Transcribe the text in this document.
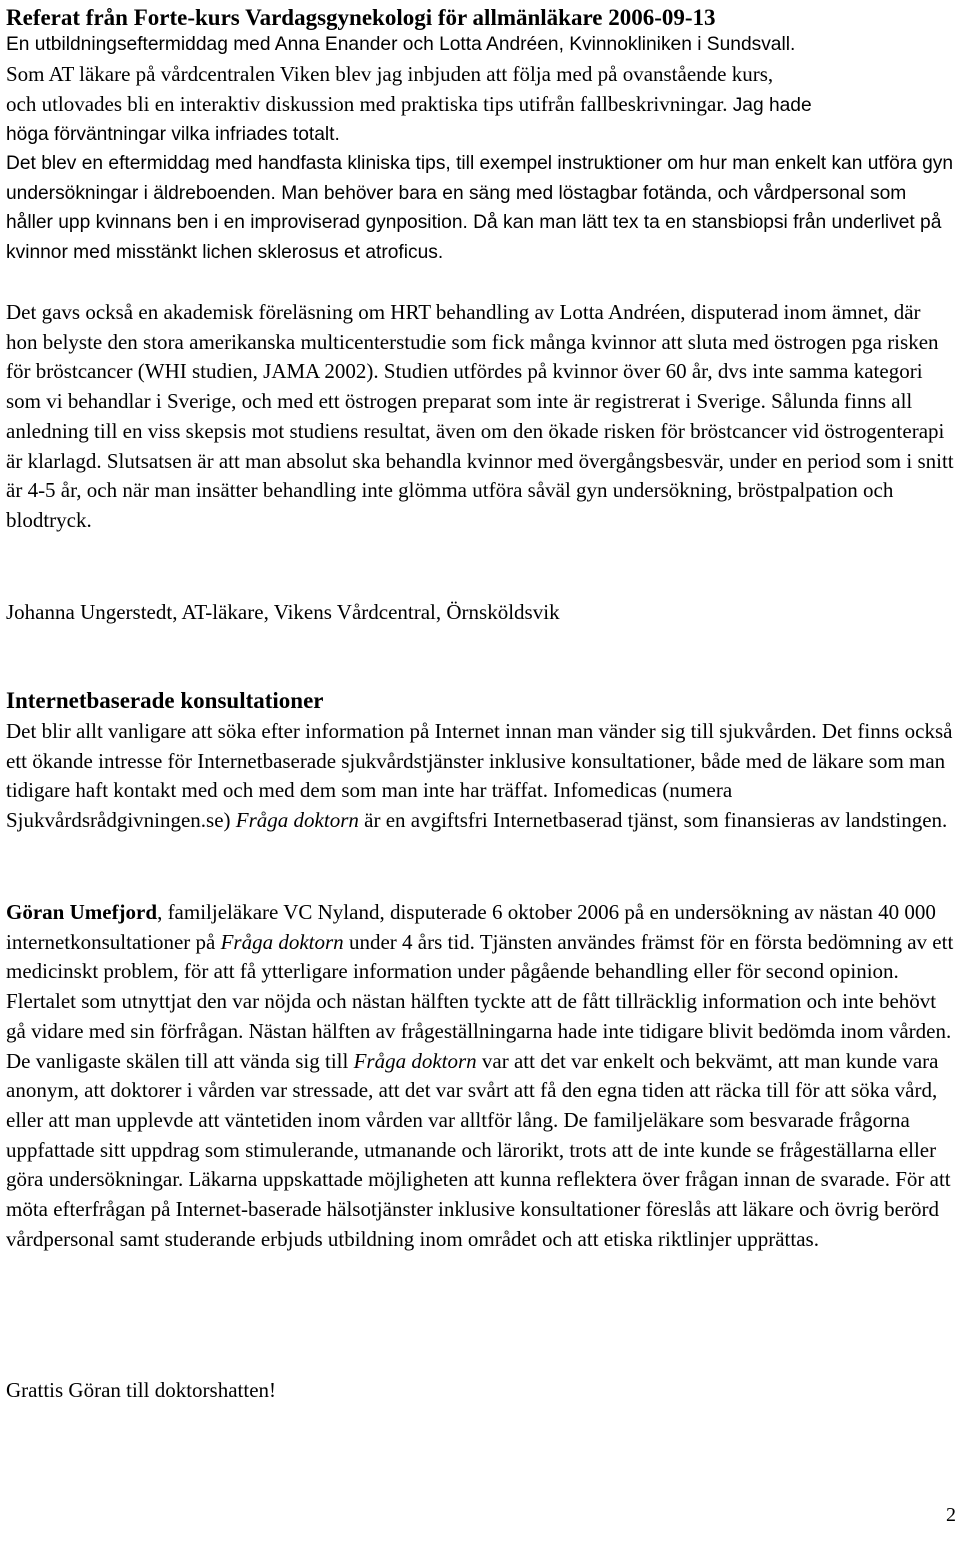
Referat från Forte-kurs Vardagsgynekologi för allmänläkare 2006-09-13
En utbildningseftermiddag med Anna Enander och Lotta Andréen, Kvinnokliniken i Sundsvall.
Som AT läkare på vårdcentralen Viken blev jag inbjuden att följa med på ovanstående kurs,
och utlovades bli en interaktiv diskussion med praktiska tips utifrån fallbeskrivningar. Jag hade
höga förväntningar vilka infriades totalt.
Det blev en eftermiddag med handfasta kliniska tips, till exempel instruktioner om hur man enkelt kan utföra gyn undersökningar i äldreboenden. Man behöver bara en säng med löstagbar fotända, och vårdpersonal som håller upp kvinnans ben i en improviserad gynposition. Då kan man lätt tex ta en stansbiopsi från underlivet på kvinnor med misstänkt lichen sklerosus et atroficus.
Det gavs också en akademisk föreläsning om HRT behandling av Lotta Andréen, disputerad inom ämnet, där hon belyste den stora amerikanska multicenterstudie som fick många kvinnor att sluta med östrogen pga risken för bröstcancer (WHI studien, JAMA 2002). Studien utfördes på kvinnor över 60 år, dvs inte samma kategori som vi behandlar i Sverige, och med ett östrogen preparat som inte är registrerat i Sverige. Sålunda finns all anledning till en viss skepsis mot studiens resultat, även om den ökade risken för bröstcancer vid östrogenterapi är klarlagd. Slutsatsen är att man absolut ska behandla kvinnor med övergångsbesvär, under en period som i snitt är 4-5 år, och när man insätter behandling inte glömma utföra såväl gyn undersökning, bröstpalpation och blodtryck.
Johanna Ungerstedt, AT-läkare, Vikens Vårdcentral, Örnsköldsvik
Internetbaserade konsultationer
Det blir allt vanligare att söka efter information på Internet innan man vänder sig till sjukvården. Det finns också ett ökande intresse för Internetbaserade sjukvårdstjänster inklusive konsultationer, både med de läkare som man tidigare haft kontakt med och med dem som man inte har träffat. Infomedicas (numera Sjukvårdsrådgivningen.se) Fråga doktorn är en avgiftsfri Internetbaserad tjänst, som finansieras av landstingen.
Göran Umefjord, familjeläkare VC Nyland, disputerade 6 oktober 2006 på en undersökning av nästan 40 000 internetkonsultationer på Fråga doktorn under 4 års tid. Tjänsten användes främst för en första bedömning av ett medicinskt problem, för att få ytterligare information under pågående behandling eller för second opinion. Flertalet som utnyttjat den var nöjda och nästan hälften tyckte att de fått tillräcklig information och inte behövt gå vidare med sin förfrågan. Nästan hälften av frågeställningarna hade inte tidigare blivit bedömda inom vården. De vanligaste skälen till att vända sig till Fråga doktorn var att det var enkelt och bekvämt, att man kunde vara anonym, att doktorer i vården var stressade, att det var svårt att få den egna tiden att räcka till för att söka vård, eller att man upplevde att väntetiden inom vården var alltför lång. De familjeläkare som besvarade frågorna uppfattade sitt uppdrag som stimulerande, utmanande och lärorikt, trots att de inte kunde se frågeställarna eller göra undersökningar. Läkarna uppskattade möjligheten att kunna reflektera över frågan innan de svarade. För att möta efterfrågan på Internet-baserade hälsotjänster inklusive konsultationer föreslås att läkare och övrig berörd vårdpersonal samt studerande erbjuds utbildning inom området och att etiska riktlinjer upprättas.
Grattis Göran till doktorshatten!
2
